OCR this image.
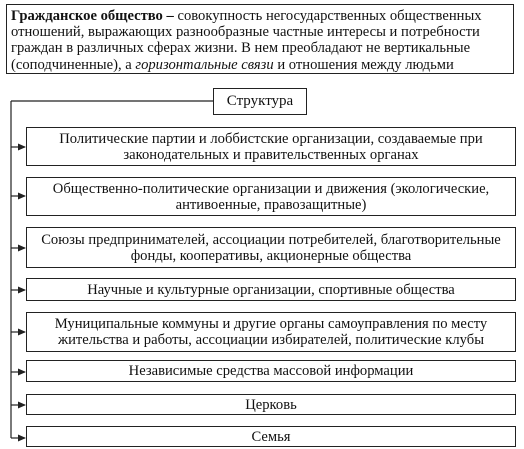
Гражданское общество – совокупность негосударственных общественных отношений, выражающих разнообразные частные интересы и потребности граждан в различных сферах жизни. В нем преобладают не вертикальные (соподчиненные), а горизонтальные связи и отношения между людьми
Структура
Политические партии и лоббистские организации, создаваемые при законодательных и правительственных органах
Общественно-политические организации и движения (экологические, антивоенные, правозащитные)
Союзы предпринимателей, ассоциации потребителей, благотворительные фонды, кооперативы, акционерные общества
Научные и культурные организации, спортивные общества
Муниципальные коммуны и другие органы самоуправления по месту жительства и работы, ассоциации избирателей, политические клубы
Независимые средства массовой информации
Церковь
Семья
